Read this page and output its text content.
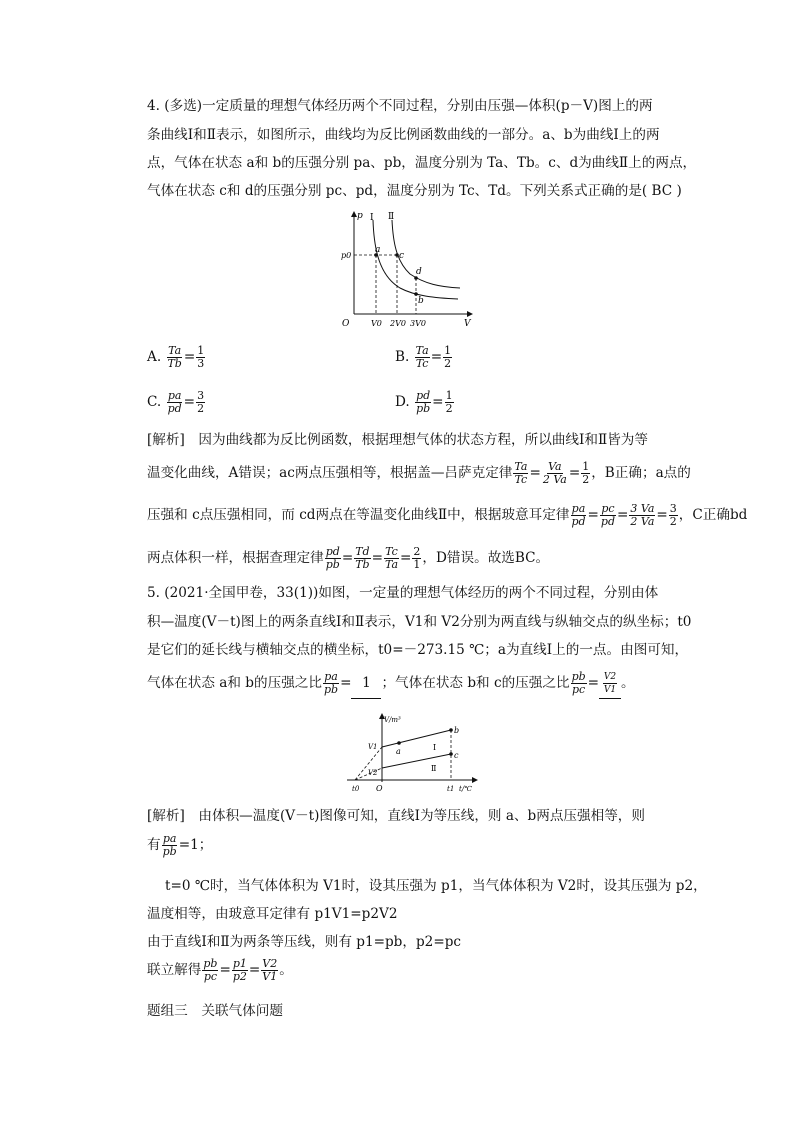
4. (多选)一定质量的理想气体经历两个不同过程，分别由压强—体积(p－V)图上的两
条曲线Ⅰ和Ⅱ表示，如图所示，曲线均为反比例函数曲线的一部分。a、b为曲线Ⅰ上的两
点，气体在状态 a和 b的压强分别 pa、pb，温度分别为 Ta、Tb。c、d为曲线Ⅱ上的两点，
气体在状态 c和 d的压强分别 pc、pd，温度分别为 Tc、Td。下列关系式正确的是( BC )
p
V
O
Ⅰ Ⅱ
p0
a
c
d
b
V0 2V0 3V0
A. $\frac{Ta}{Tb} = \frac{1}{3}$	B. $\frac{Ta}{Tc} = \frac{1}{2}$
C. $\frac{pa}{pd} = \frac{3}{2}$	D. $\frac{pd}{pb} = \frac{1}{2}$
[解析]　因为曲线都为反比例函数，根据理想气体的状态方程，所以曲线Ⅰ和Ⅱ皆为等
温变化曲线，A错误；ac两点压强相等，根据盖—吕萨克定律 $\frac{Ta}{Tc} = \frac{Va}{2 Va} = \frac{1}{2}$ ，B正确；a点的
压强和 c点压强相同，而 cd两点在等温变化曲线Ⅱ中，根据玻意耳定律 $\frac{pa}{pd} = \frac{pc}{pd} = \frac{3 Va}{2 Va} = \frac{3}{2}$ ，C正确bd
两点体积一样，根据查理定律 $\frac{pd}{pb} = \frac{Td}{Tb} = \frac{Tc}{Ta} = \frac{2}{1}$ ，D错误。故选BC。
5. (2021·全国甲卷，33(1))如图，一定量的理想气体经历的两个不同过程，分别由体
积—温度(V－t)图上的两条直线Ⅰ和Ⅱ表示，V1和 V2分别为两直线与纵轴交点的纵坐标；t0
是它们的延长线与横轴交点的横坐标，t0=－273.15 ℃；a为直线Ⅰ上的一点。由图可知，
气体在状态 a和 b的压强之比 $\frac{pa}{pb} = 1$ ；气体在状态 b和 c的压强之比 $\frac{pb}{pc} = \frac{V2}{V1}$ 。
V/m³
t/℃
O
t0	t1
V1
V2
a
b
c
Ⅰ
Ⅱ
[解析]　由体积—温度(V－t)图像可知，直线Ⅰ为等压线，则 a、b两点压强相等，则
有 $\frac{pa}{pb} =1$；
t=0 ℃时，当气体体积为 V1时，设其压强为 p1，当气体体积为 V2时，设其压强为 p2，
温度相等，由玻意耳定律有 p1V1=p2V2
由于直线Ⅰ和Ⅱ为两条等压线，则有 p1=pb，p2=pc
联立解得 $\frac{pb}{pc} = \frac{p1}{p2} = \frac{V2}{V1}$ 。
题组三　关联气体问题
